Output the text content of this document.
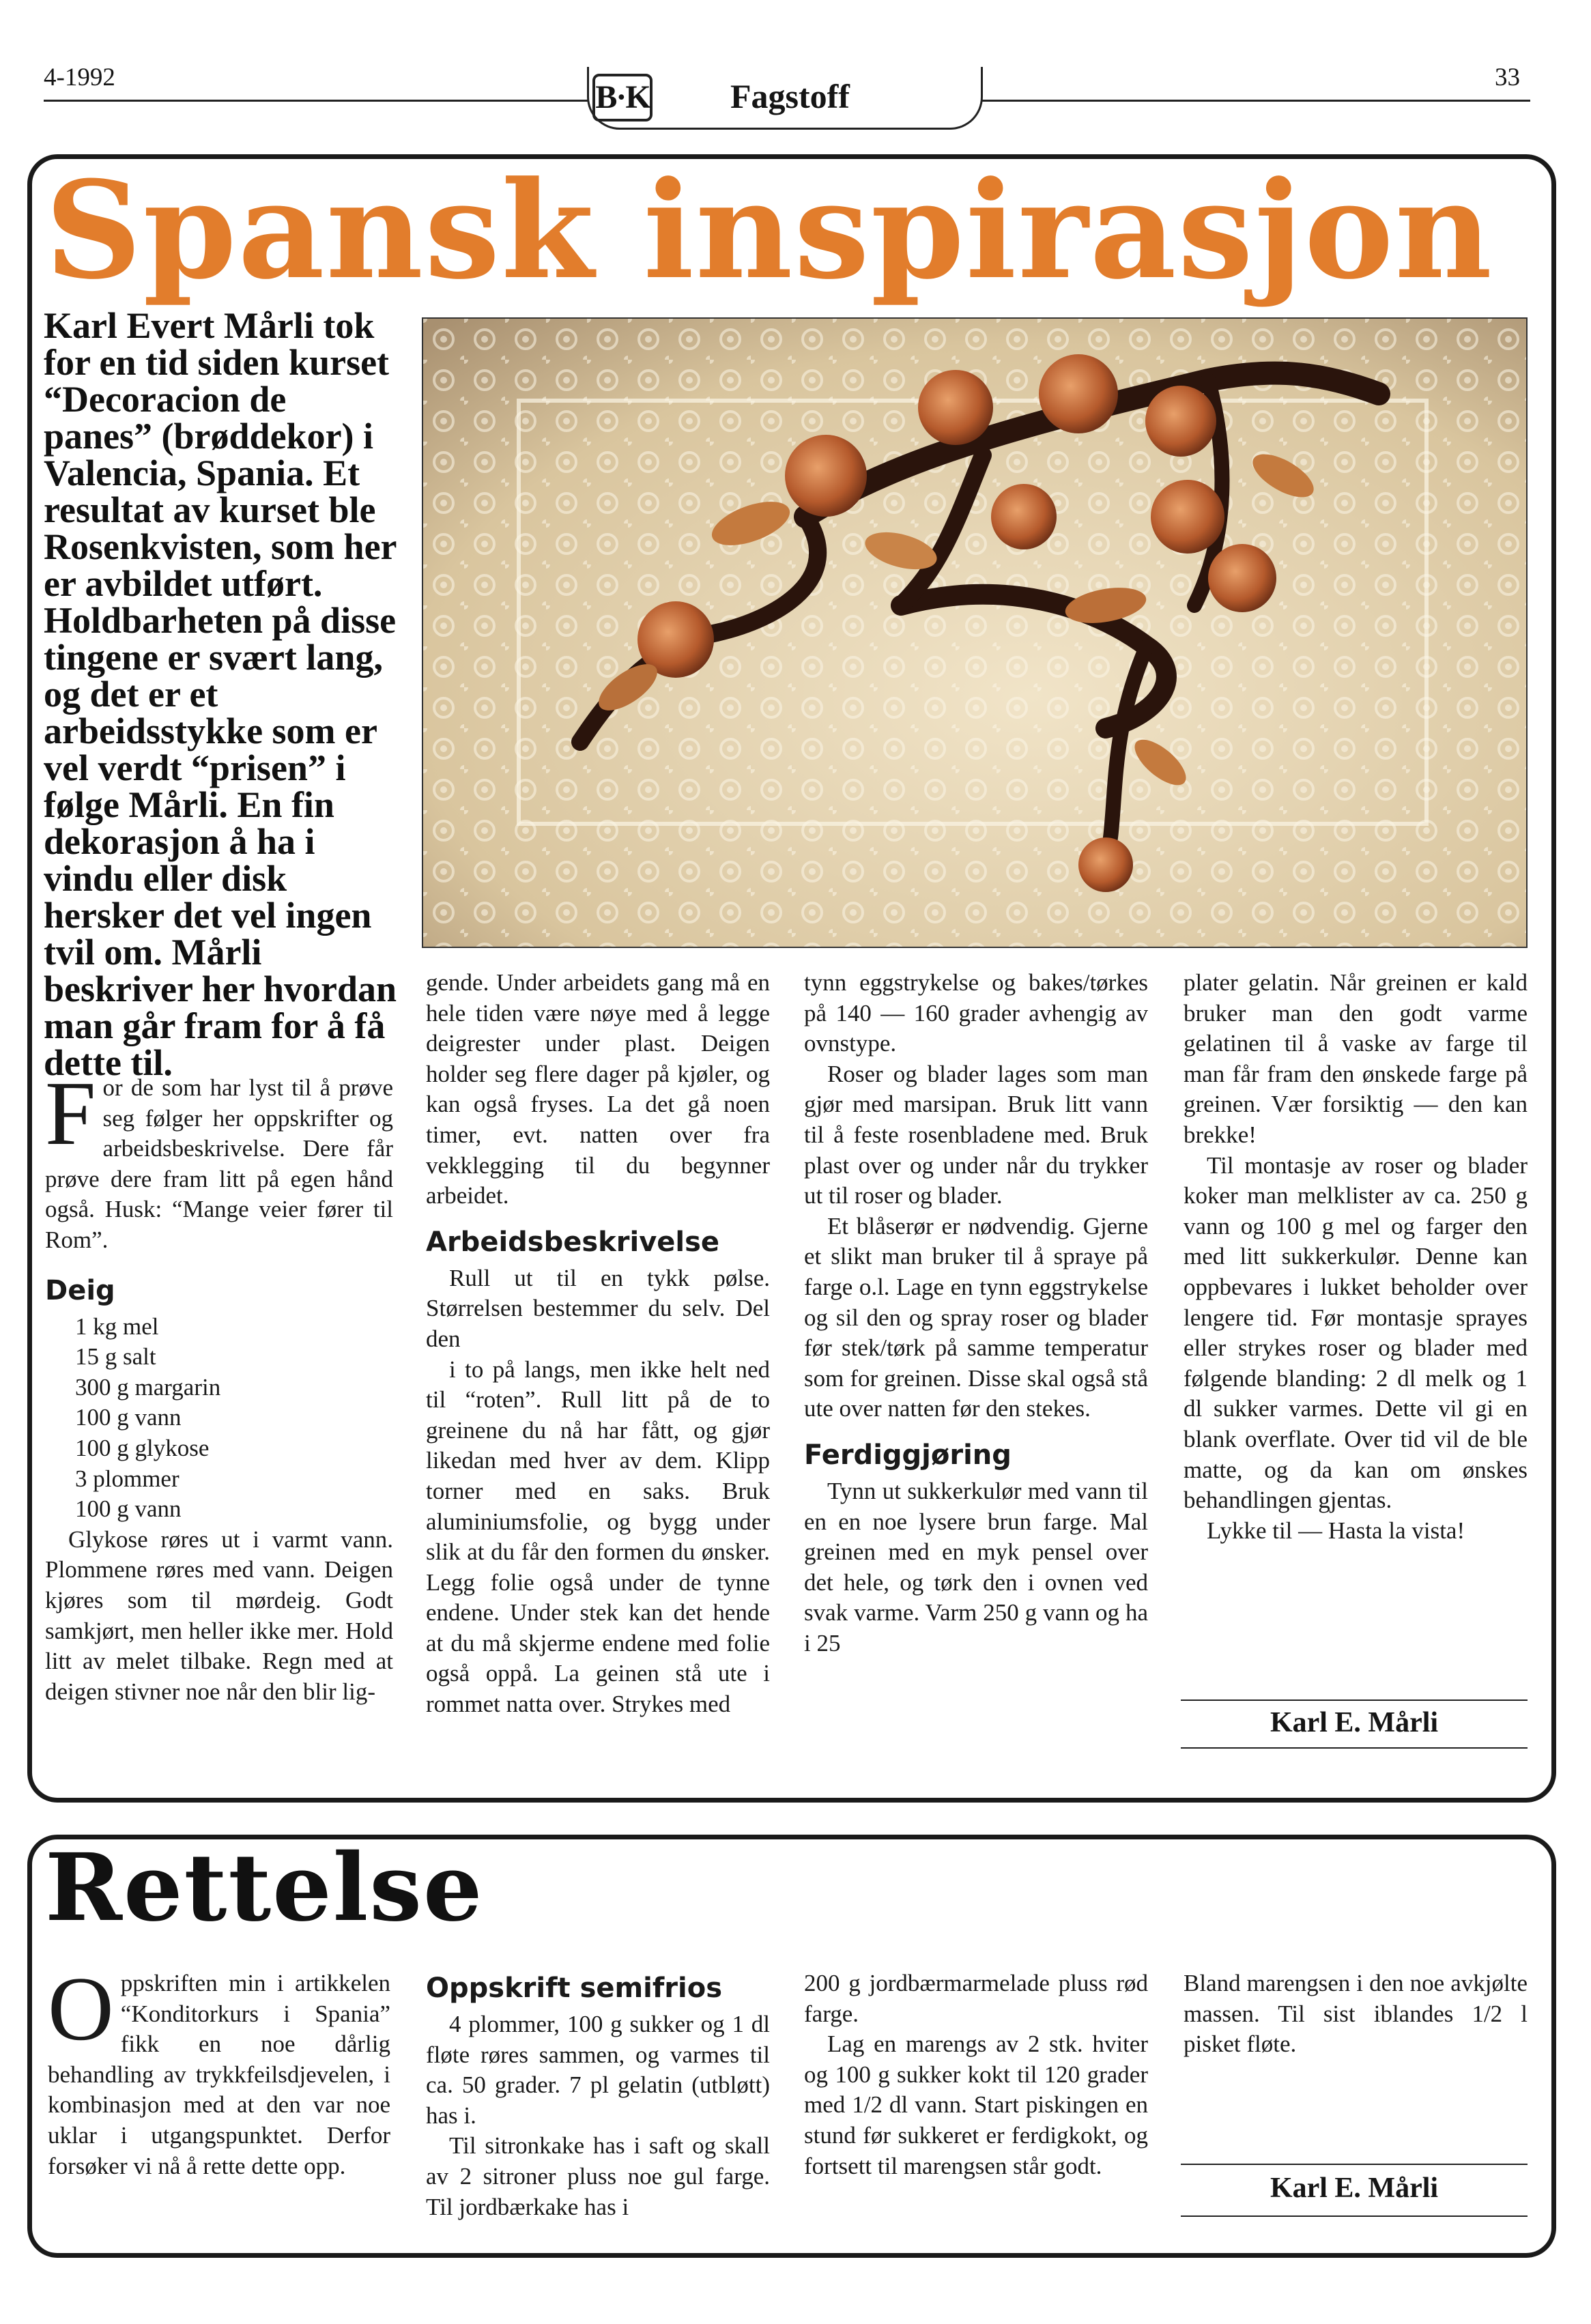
4-1992
B·K Fagstoff	33
Spansk inspirasjon
Karl Evert Mårli tok for en tid siden kurset “Decoracion de panes” (brøddekor) i Valencia, Spania. Et resultat av kurset ble Rosenkvisten, som her er avbildet utført. Holdbarheten på disse tingene er svært lang, og det er et arbeidsstykke som er vel verdt “prisen” i følge Mårli. En fin dekorasjon å ha i vindu eller disk hersker det vel ingen tvil om. Mårli beskriver her hvordan man går fram for å få dette til.

For de som har lyst til å prøve seg følger her oppskrifter og arbeidsbeskrivelse. Dere får prøve dere fram litt på egen hånd også. Husk: “Mange veier fører til Rom”.

Deig

1 kg mel

15 g salt

300 g margarin

100 g vann

100 g glykose

3 plommer

100 g vann

Glykose røres ut i varmt vann. Plommene røres med vann. Deigen kjøres som til mørdeig. Godt samkjørt, men heller ikke mer. Hold litt av melet tilbake. Regn med at deigen stivner noe når den blir lig-

gende. Under arbeidets gang må en hele tiden være nøye med å legge deigrester under plast. Deigen holder seg flere dager på kjøler, og kan også fryses. La det gå noen timer, evt. natten over fra vekklegging til du begynner arbeidet.

Arbeidsbeskrivelse

Rull ut til en tykk pølse. Størrelsen bestemmer du selv. Del den

i to på langs, men ikke helt ned til “roten”. Rull litt på de to greinene du nå har fått, og gjør likedan med hver av dem. Klipp torner med en saks. Bruk aluminiumsfolie, og bygg under slik at du får den formen du ønsker. Legg folie også under de tynne endene. Under stek kan det hende at du må skjerme endene med folie også oppå. La geinen stå ute i rommet natta over. Strykes med

tynn eggstrykelse og bakes/tørkes på 140 — 160 grader avhengig av ovnstype.

Roser og blader lages som man gjør med marsipan. Bruk litt vann til å feste rosenbladene med. Bruk plast over og under når du trykker ut til roser og blader.

Et blåserør er nødvendig. Gjerne et slikt man bruker til å spraye på farge o.l. Lage en tynn eggstrykelse og sil den og spray roser og blader før stek/tørk på samme temperatur som for greinen. Disse skal også stå ute over natten før den stekes.

Ferdiggjøring

Tynn ut sukkerkulør med vann til en en noe lysere brun farge. Mal greinen med en myk pensel over det hele, og tørk den i ovnen ved svak varme. Varm 250 g vann og ha i 25

plater gelatin. Når greinen er kald bruker man den godt varme gelatinen til å vaske av farge til man får fram den ønskede farge på greinen. Vær forsiktig — den kan brekke!

Til montasje av roser og blader koker man melklister av ca. 250 g vann og 100 g mel og farger den med litt sukkerkulør. Denne kan oppbevares i lukket beholder over lengere tid. Før montasje sprayes eller strykes roser og blader med følgende blanding: 2 dl melk og 1 dl sukker varmes. Dette vil gi en blank overflate. Over tid vil de ble matte, og da kan om ønskes behandlingen gjentas.

Lykke til — Hasta la vista!

Karl E. Mårli
Rettelse

Oppskriften min i artikkelen “Konditorkurs i Spania” fikk en noe dårlig behandling av trykkfeilsdjevelen, i kombinasjon med at den var noe uklar i utgangspunktet. Derfor forsøker vi nå å rette dette opp.

Oppskrift semifrios

4 plommer, 100 g sukker og 1 dl fløte røres sammen, og varmes til ca. 50 grader. 7 pl gelatin (utbløtt) has i.

Til sitronkake has i saft og skall av 2 sitroner pluss noe gul farge. Til jordbærkake has i

200 g jordbærmarmelade pluss rød farge.

Lag en marengs av 2 stk. hviter og 100 g sukker kokt til 120 grader med 1/2 dl vann. Start piskingen en stund før sukkeret er ferdigkokt, og fortsett til marengsen står godt.

Bland marengsen i den noe avkjølte massen. Til sist iblandes 1/2 l pisket fløte.

Karl E. Mårli
